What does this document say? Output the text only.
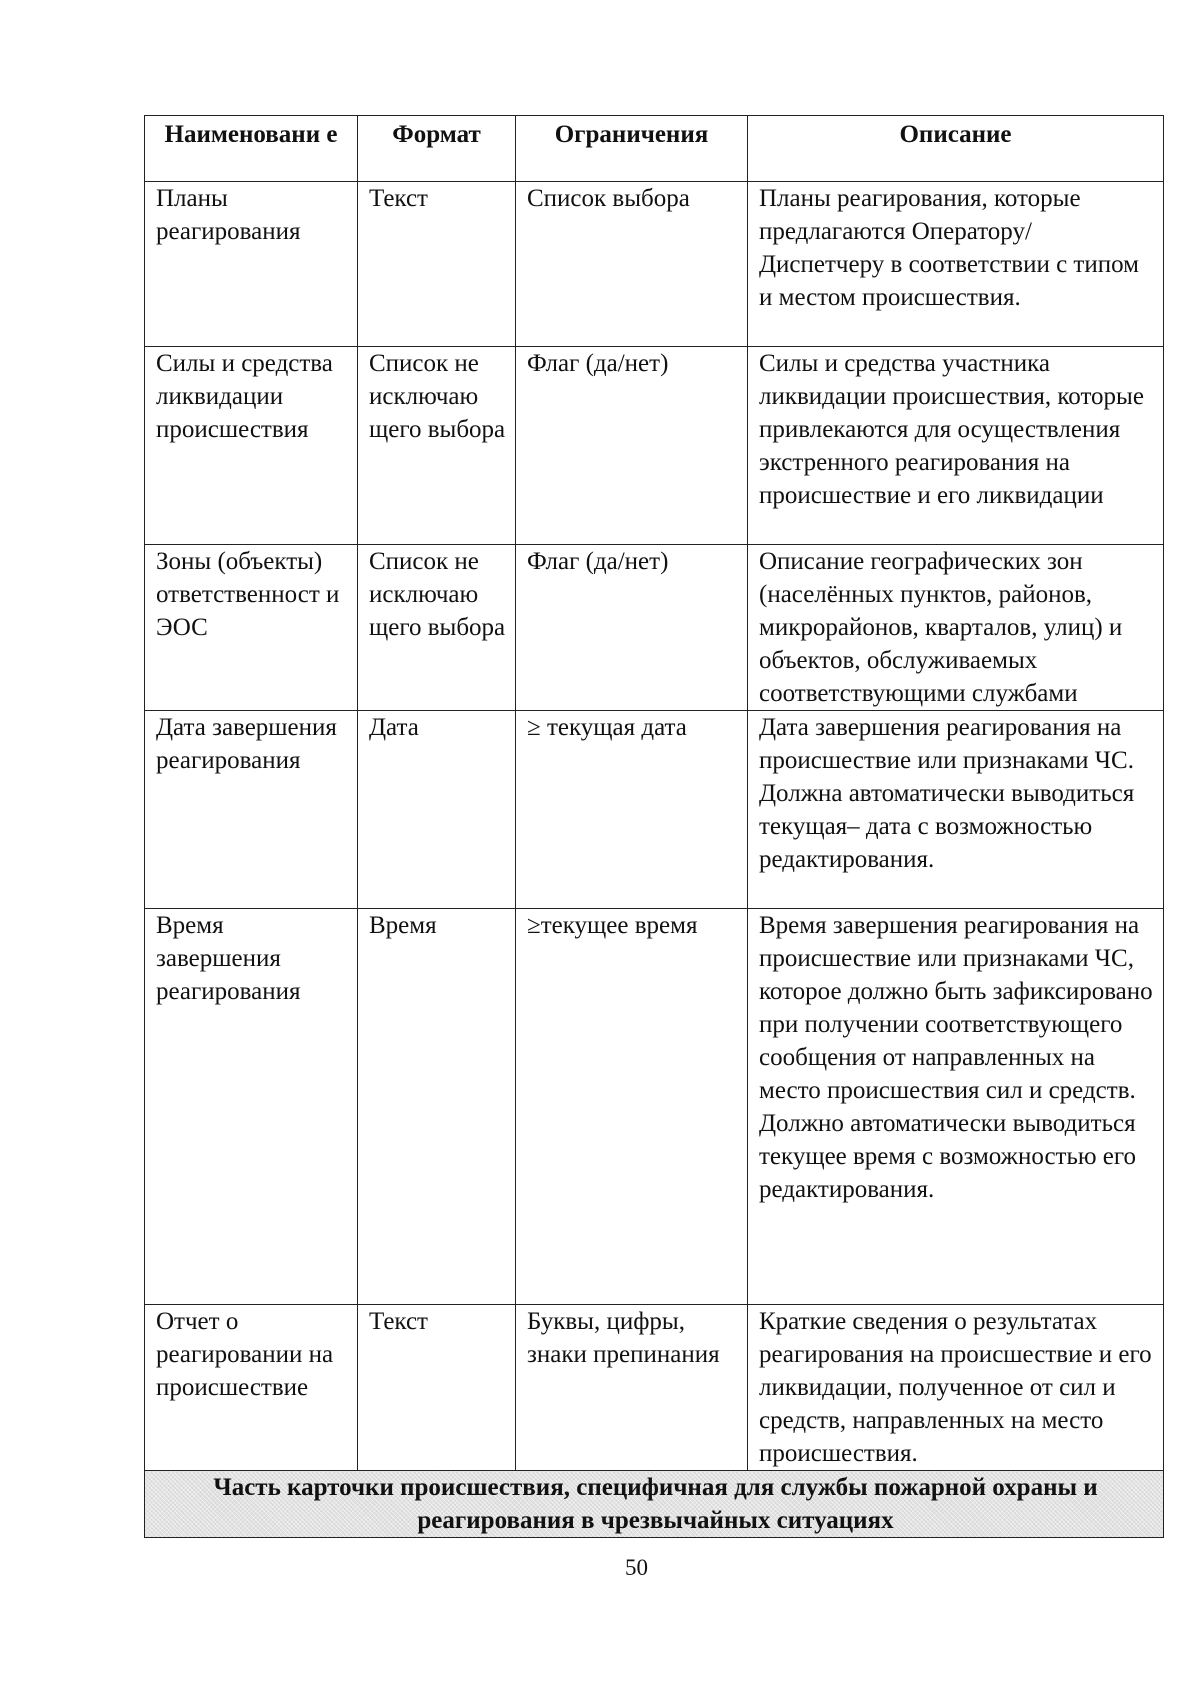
Наименовани е	Формат	Ограничения	Описание
Планы реагирования	Текст	Список выбора	Планы реагирования, которые предлагаются Оператору/Диспетчеру в соответствии с типом и местом происшествия.
Силы и средства ликвидации происшествия	Список не исключаю щего выбора	Флаг (да/нет)	Силы и средства участника ликвидации происшествия, которые привлекаются для осуществления экстренного реагирования на происшествие и его ликвидации
Зоны (объекты) ответственност и ЭОС	Список не исключаю щего выбора	Флаг (да/нет)	Описание географических зон (населённых пунктов, районов, микрорайонов, кварталов, улиц) и объектов, обслуживаемых соответствующими службами
Дата завершения реагирования	Дата	≥ текущая дата	Дата завершения реагирования на происшествие или признаками ЧС. Должна автоматически выводиться текущая– дата с возможностью редактирования.
Время завершения реагирования	Время	≥текущее время	Время завершения реагирования на происшествие или признаками ЧС, которое должно быть зафиксировано при получении соответствующего сообщения от направленных на место происшествия сил и средств. Должно автоматически выводиться текущее время с возможностью его редактирования.
Отчет о реагировании на происшествие	Текст	Буквы, цифры, знаки препинания	Краткие сведения о результатах реагирования на происшествие и его ликвидации, полученное от сил и средств, направленных на место происшествия.
Часть карточки происшествия, специфичная для службы пожарной охраны и реагирования в чрезвычайных ситуациях			
50
